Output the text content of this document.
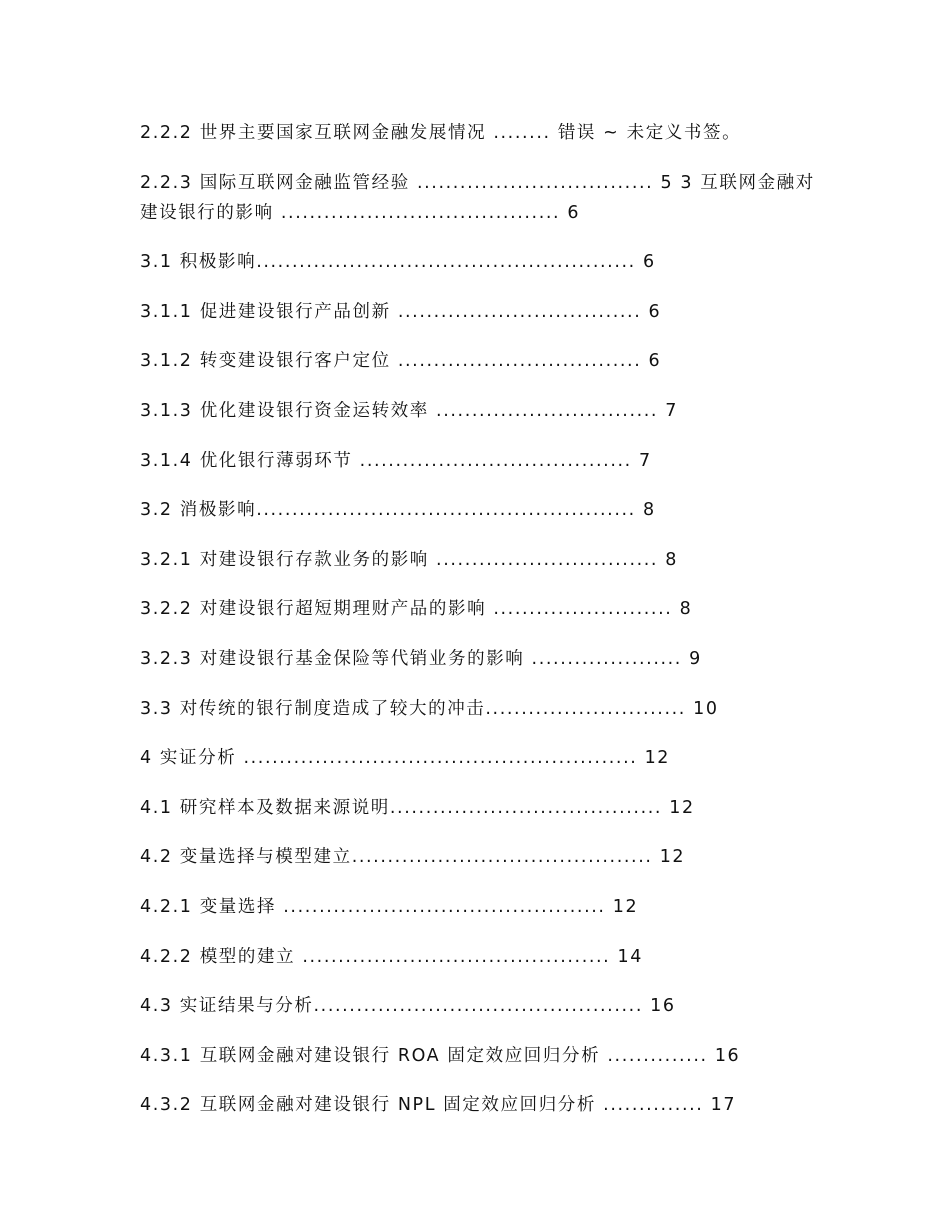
2.2.2 世界主要国家互联网金融发展情况 ........ 错误 ~ 未定义书签。
2.2.3 国际互联网金融监管经验 ................................. 5 3 互联网金融对建设银行的影响 ....................................... 6
3.1 积极影响..................................................... 6
3.1.1 促进建设银行产品创新 .................................. 6
3.1.2 转变建设银行客户定位 .................................. 6
3.1.3 优化建设银行资金运转效率 ............................... 7
3.1.4 优化银行薄弱环节 ...................................... 7
3.2 消极影响..................................................... 8
3.2.1 对建设银行存款业务的影响 ............................... 8
3.2.2 对建设银行超短期理财产品的影响 ......................... 8
3.2.3 对建设银行基金保险等代销业务的影响 ..................... 9
3.3 对传统的银行制度造成了较大的冲击............................ 10
4 实证分析 ....................................................... 12
4.1 研究样本及数据来源说明...................................... 12
4.2 变量选择与模型建立.......................................... 12
4.2.1 变量选择 ............................................. 12
4.2.2 模型的建立 ........................................... 14
4.3 实证结果与分析.............................................. 16
4.3.1 互联网金融对建设银行 ROA 固定效应回归分析 .............. 16
4.3.2 互联网金融对建设银行 NPL 固定效应回归分析 .............. 17
